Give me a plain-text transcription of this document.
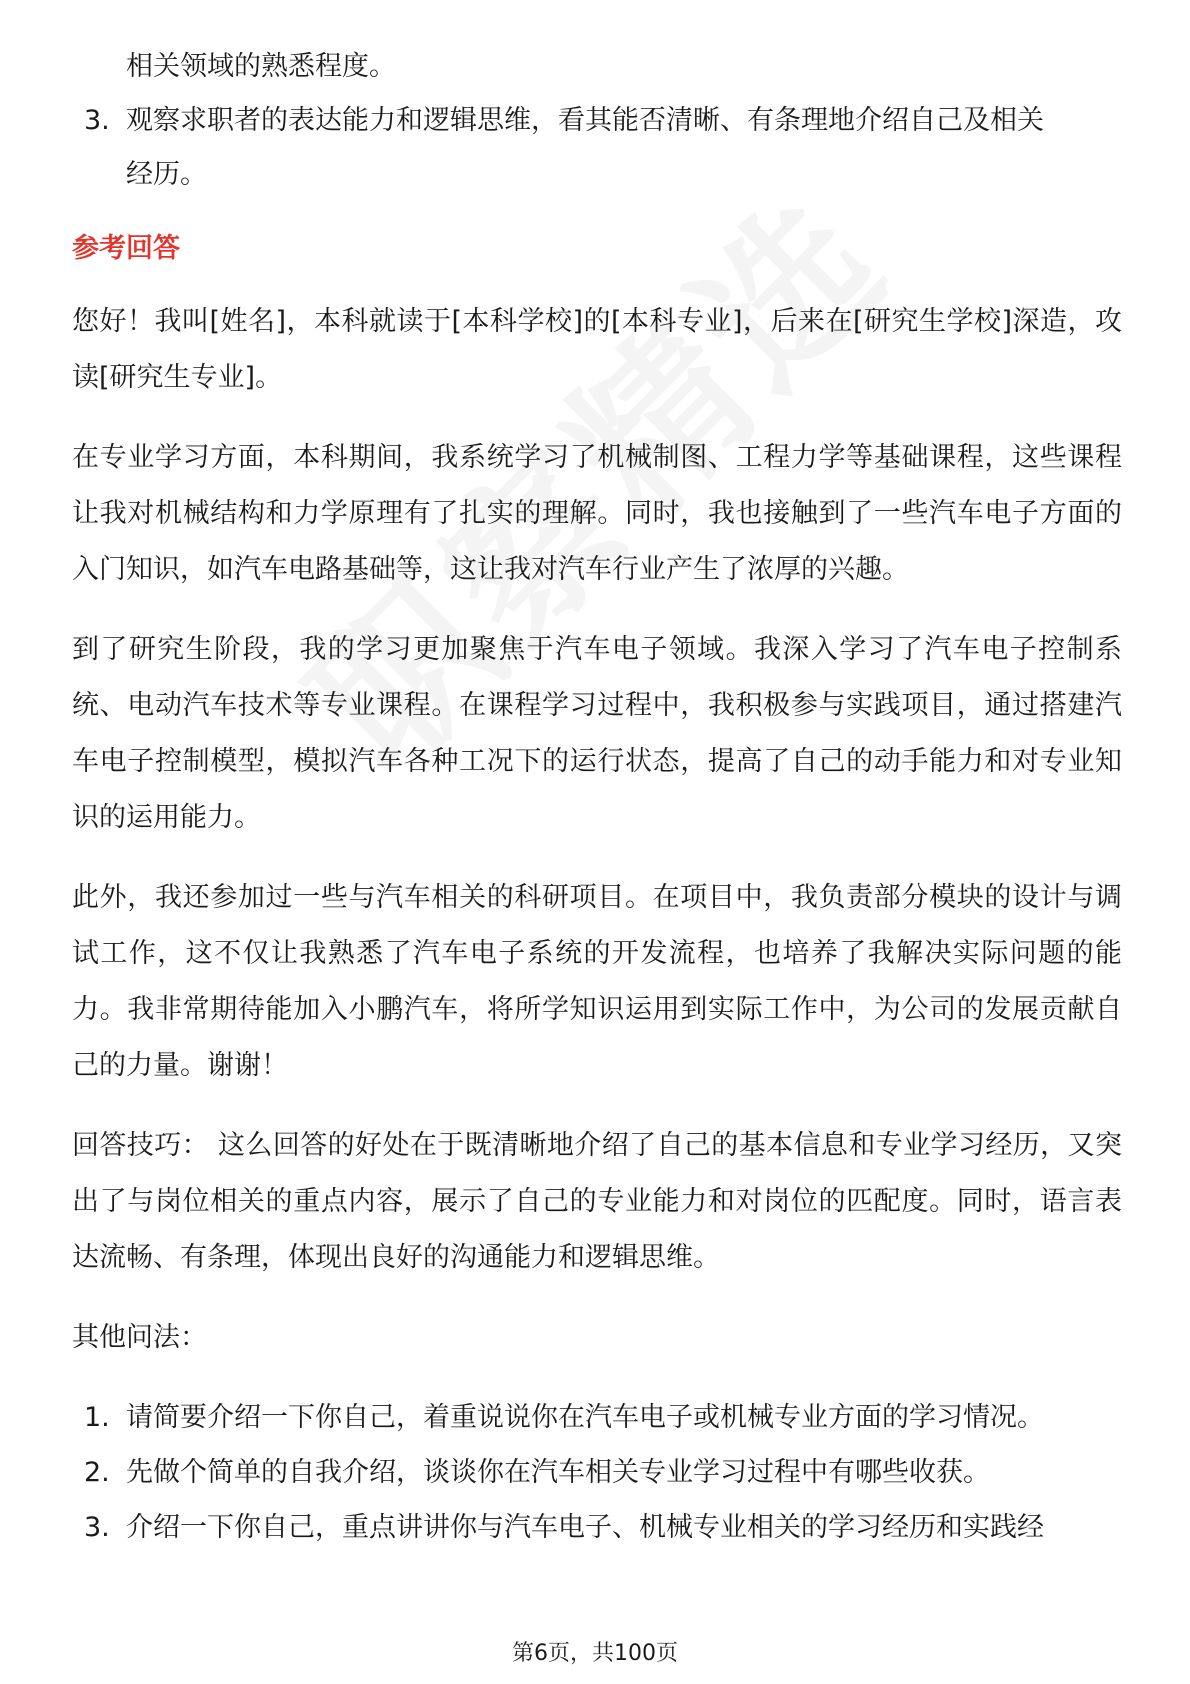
相关领域的熟悉程度。
3. 观察求职者的表达能力和逻辑思维，看其能否清晰、有条理地介绍自己及相关
经历。
参考回答
您好！我叫[姓名]，本科就读于[本科学校]的[本科专业]，后来在[研究生学校]深造，攻读[研究生专业]。
在专业学习方面，本科期间，我系统学习了机械制图、工程力学等基础课程，这些课程让我对机械结构和力学原理有了扎实的理解。同时，我也接触到了一些汽车电子方面的入门知识，如汽车电路基础等，这让我对汽车行业产生了浓厚的兴趣。
到了研究生阶段，我的学习更加聚焦于汽车电子领域。我深入学习了汽车电子控制系统、电动汽车技术等专业课程。在课程学习过程中，我积极参与实践项目，通过搭建汽车电子控制模型，模拟汽车各种工况下的运行状态，提高了自己的动手能力和对专业知识的运用能力。
此外，我还参加过一些与汽车相关的科研项目。在项目中，我负责部分模块的设计与调试工作，这不仅让我熟悉了汽车电子系统的开发流程，也培养了我解决实际问题的能力。我非常期待能加入小鹏汽车，将所学知识运用到实际工作中，为公司的发展贡献自己的力量。谢谢！
回答技巧： 这么回答的好处在于既清晰地介绍了自己的基本信息和专业学习经历，又突出了与岗位相关的重点内容，展示了自己的专业能力和对岗位的匹配度。同时，语言表达流畅、有条理，体现出良好的沟通能力和逻辑思维。
其他问法：
1. 请简要介绍一下你自己，着重说说你在汽车电子或机械专业方面的学习情况。
2. 先做个简单的自我介绍，谈谈你在汽车相关专业学习过程中有哪些收获。
3. 介绍一下你自己，重点讲讲你与汽车电子、机械专业相关的学习经历和实践经
第6页，共100页
